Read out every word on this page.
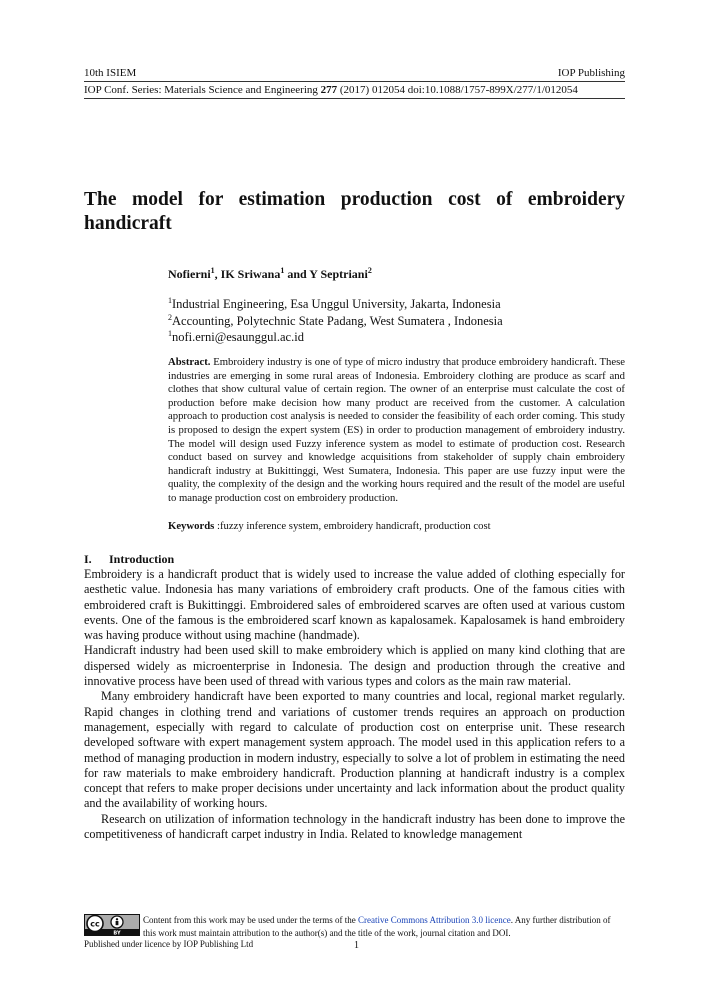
10th ISIEM	IOP Publishing
IOP Conf. Series: Materials Science and Engineering 277 (2017) 012054 doi:10.1088/1757-899X/277/1/012054
The model for estimation production cost of embroidery handicraft
Nofierni$^1$, IK Sriwana$^1$ and Y Septriani$^2$
$^1$Industrial Engineering, Esa Unggul University, Jakarta, Indonesia
$^2$Accounting, Polytechnic State Padang, West Sumatera , Indonesia
$^1$nofi.erni@esaunggul.ac.id
Abstract. Embroidery industry is one of type of micro industry that produce embroidery handicraft. These industries are emerging in some rural areas of Indonesia. Embroidery clothing are produce as scarf and clothes that show cultural value of certain region. The owner of an enterprise must calculate the cost of production before make decision how many product are received from the customer. A calculation approach to production cost analysis is needed to consider the feasibility of each order coming. This study is proposed to design the expert system (ES) in order to production management of embroidery industry. The model will design used Fuzzy inference system as model to estimate of production cost. Research conduct based on survey and knowledge acquisitions from stakeholder of supply chain embroidery handicraft industry at Bukittinggi, West Sumatera, Indonesia. This paper are use fuzzy input were the quality, the complexity of the design and the working hours required and the result of the model are useful to manage production cost on embroidery production.
Keywords :fuzzy inference system, embroidery handicraft, production cost
I. Introduction

Embroidery is a handicraft product that is widely used to increase the value added of clothing especially for aesthetic value. Indonesia has many variations of embroidery craft products. One of the famous cities with embroidered craft is Bukittinggi. Embroidered sales of embroidered scarves are often used at various custom events. One of the famous is the embroidered scarf known as kapalosamek. Kapalosamek is hand embroidery was having produce without using machine (handmade).

Handicraft industry had been used skill to make embroidery which is applied on many kind clothing that are dispersed widely as microenterprise in Indonesia. The design and production through the creative and innovative process have been used of thread with various types and colors as the main raw material.

Many embroidery handicraft have been exported to many countries and local, regional market regularly. Rapid changes in clothing trend and variations of customer trends requires an approach on production management, especially with regard to calculate of production cost on enterprise unit. These research developed software with expert management system approach. The model used in this application refers to a method of managing production in modern industry, especially to solve a lot of problem in estimating the need for raw materials to make embroidery handicraft. Production planning at handicraft industry is a complex concept that refers to make proper decisions under uncertainty and lack information about the product quality and the availability of working hours.

Research on utilization of information technology in the handicraft industry has been done to improve the competitiveness of handicraft carpet industry in India. Related to knowledge management

cc
BY
Content from this work may be used under the terms of the Creative Commons Attribution 3.0 licence. Any further distribution of this work must maintain attribution to the author(s) and the title of the work, journal citation and DOI.
Published under licence by IOP Publishing Ltd	1
